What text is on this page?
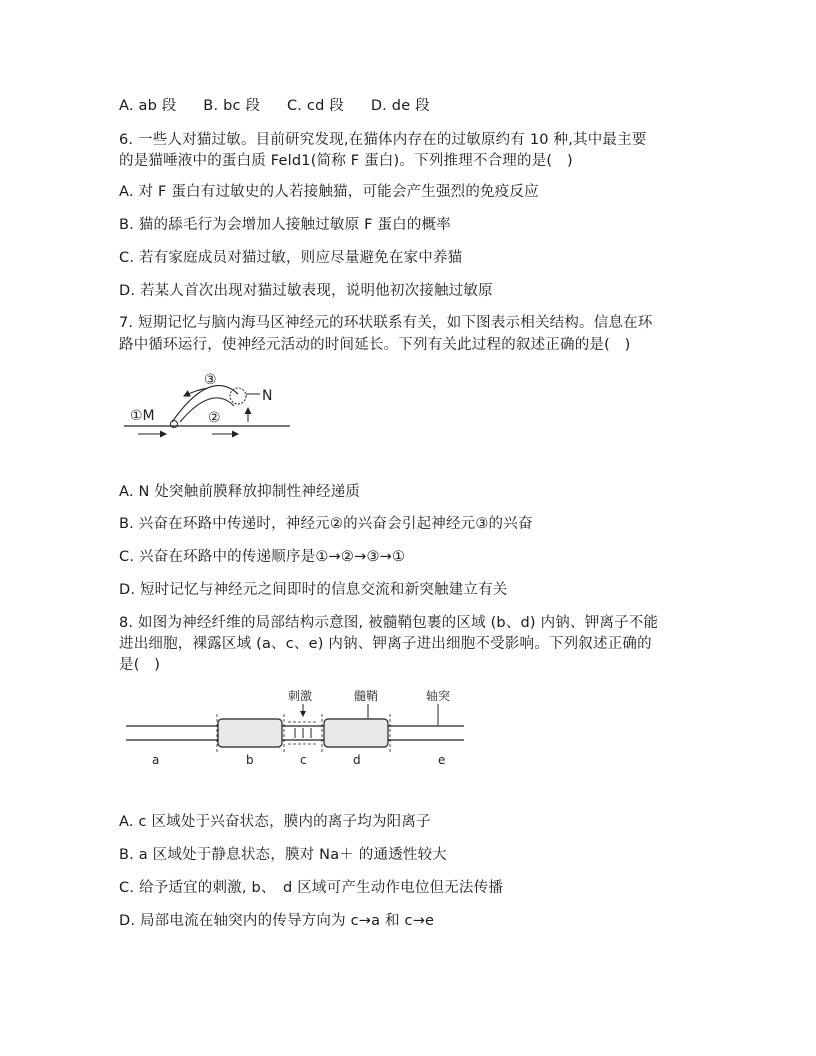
A. ab 段 B. bc 段 C. cd 段 D. de 段
6. 一些人对猫过敏。目前研究发现,在猫体内存在的过敏原约有 10 种,其中最主要
的是猫唾液中的蛋白质 Feld1(简称 F 蛋白)。下列推理不合理的是(　)
A. 对 F 蛋白有过敏史的人若接触猫，可能会产生强烈的免疫反应
B. 猫的舔毛行为会增加人接触过敏原 F 蛋白的概率
C. 若有家庭成员对猫过敏，则应尽量避免在家中养猫
D. 若某人首次出现对猫过敏表现，说明他初次接触过敏原
7. 短期记忆与脑内海马区神经元的环状联系有关，如下图表示相关结构。信息在环
路中循环运行，使神经元活动的时间延长。下列有关此过程的叙述正确的是(　)
①M	②
③
N
A. N 处突触前膜释放抑制性神经递质
B. 兴奋在环路中传递时，神经元②的兴奋会引起神经元③的兴奋
C. 兴奋在环路中的传递顺序是①→②→③→①
D. 短时记忆与神经元之间即时的信息交流和新突触建立有关
8. 如图为神经纤维的局部结构示意图, 被髓鞘包裹的区域 (b、d) 内钠、钾离子不能
进出细胞，裸露区域 (a、c、e) 内钠、钾离子进出细胞不受影响。下列叙述正确的
是(　)
刺激	髓鞘	轴突
a	b	c	d	e
A. c 区域处于兴奋状态，膜内的离子均为阳离子
B. a 区域处于静息状态，膜对 Na＋ 的通透性较大
C. 给予适宜的刺激, b、　d 区域可产生动作电位但无法传播
D. 局部电流在轴突内的传导方向为 c→a 和 c→e
